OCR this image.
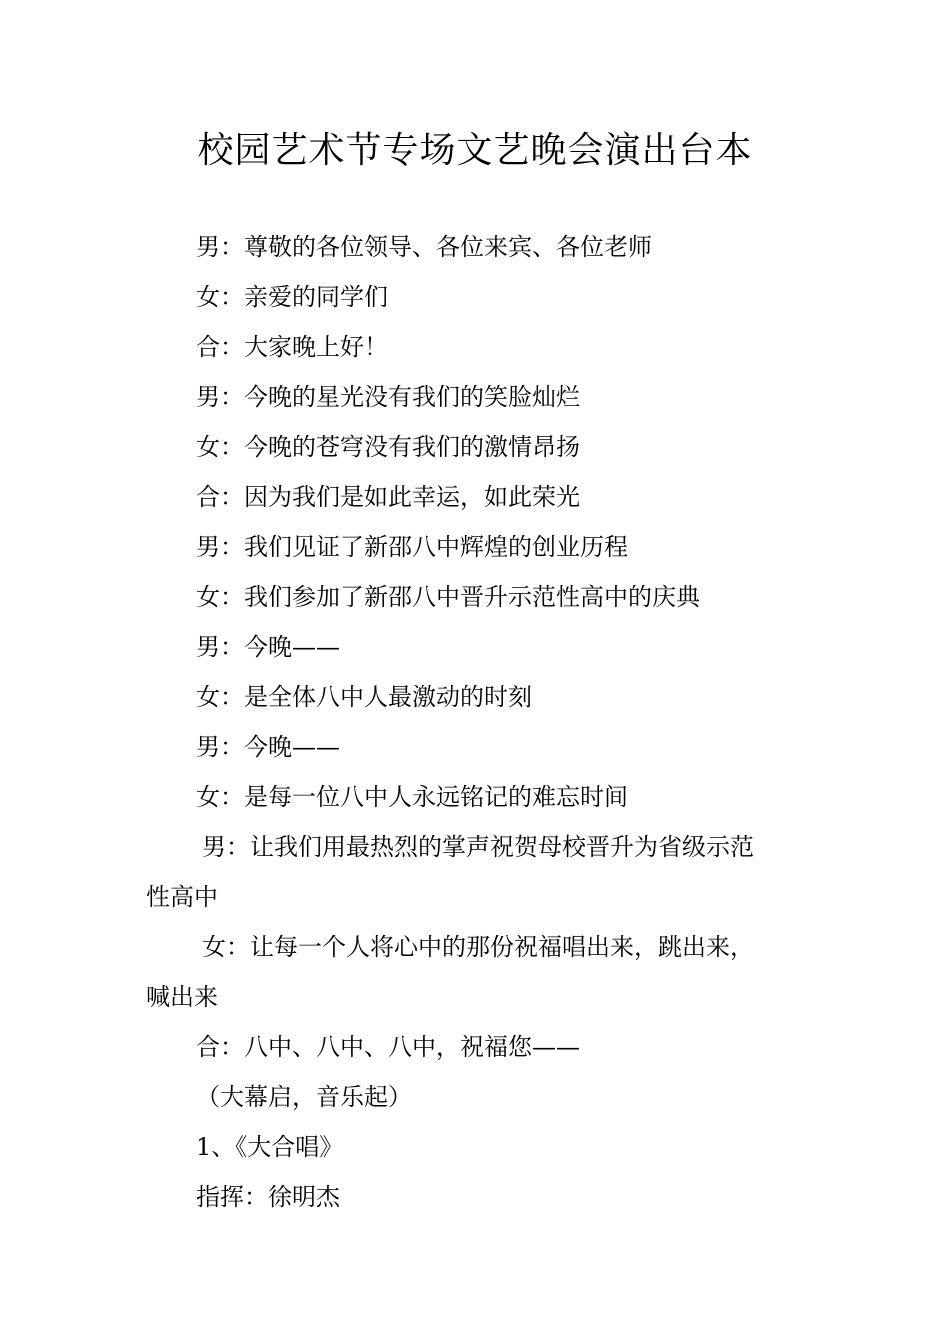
校园艺术节专场文艺晚会演出台本
男：尊敬的各位领导、各位来宾、各位老师
女：亲爱的同学们
合：大家晚上好！
男：今晚的星光没有我们的笑脸灿烂
女：今晚的苍穹没有我们的激情昂扬
合：因为我们是如此幸运，如此荣光
男：我们见证了新邵八中辉煌的创业历程
女：我们参加了新邵八中晋升示范性高中的庆典
男：今晚——
女：是全体八中人最激动的时刻
男：今晚——
女：是每一位八中人永远铭记的难忘时间
男：让我们用最热烈的掌声祝贺母校晋升为省级示范
性高中
女：让每一个人将心中的那份祝福唱出来，跳出来，
喊出来
合：八中、八中、八中，祝福您——
（大幕启，音乐起）
1、《大合唱》
指挥：徐明杰
